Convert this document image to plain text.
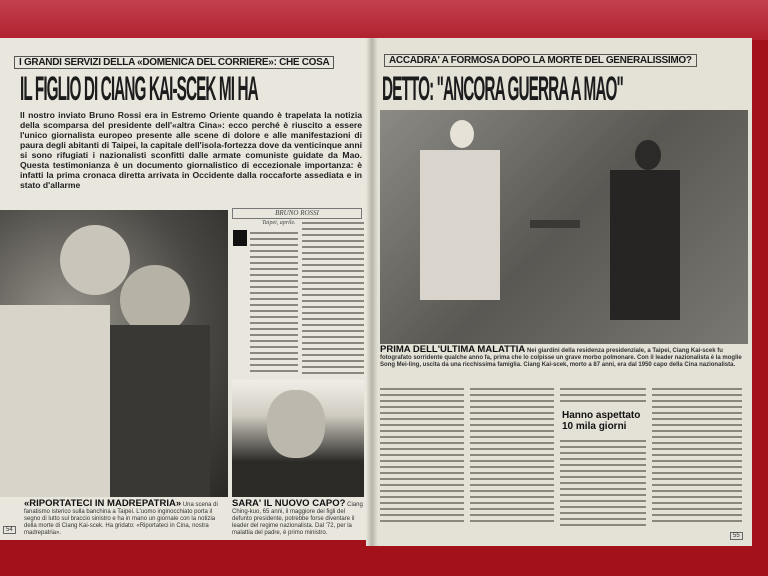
I GRANDI SERVIZI DELLA «DOMENICA DEL CORRIERE»: CHE COSA
IL FIGLIO DI CIANG KAI-SCEK MI HA
Il nostro inviato Bruno Rossi era in Estremo Oriente quando è trapelata la notizia della scomparsa del presidente dell'«altra Cina»: ecco perché è riuscito a essere l'unico giornalista europeo presente alle scene di dolore e alle manifestazioni di paura degli abitanti di Taipei, la capitale dell'isola-fortezza dove da venticinque anni si sono rifugiati i nazionalisti sconfitti dalle armate comuniste guidate da Mao. Questa testimonianza è un documento giornalistico di eccezionale importanza: è infatti la prima cronaca diretta arrivata in Occidente dalla roccaforte assediata e in stato d'allarme
BRUNO ROSSI
Taipei, aprile.
«RIPORTATECI IN MADREPATRIA» Una scena di fanatismo isterico sulla banchina a Taipei. L'uomo inginocchiato porta il segno di lutto sul braccio sinistro e ha in mano un giornale con la notizia della morte di Ciang Kai-scek. Ha gridato: «Riportateci in Cina, nostra madrepatria».
SARA' IL NUOVO CAPO? Ciang Ching-kuo, 65 anni, il maggiore dei figli del defunto presidente, potrebbe forse diventare il leader del regime nazionalista. Dal '72, per la malattia del padre, è primo ministro.
54
ACCADRA' A FORMOSA DOPO LA MORTE DEL GENERALISSIMO?
DETTO: "ANCORA GUERRA A MAO"
PRIMA DELL'ULTIMA MALATTIA Nei giardini della residenza presidenziale, a Taipei, Ciang Kai-scek fu fotografato sorridente qualche anno fa, prima che lo colpisse un grave morbo polmonare. Con il leader nazionalista è la moglie Song Mei-ling, uscita da una ricchissima famiglia. Ciang Kai-scek, morto a 87 anni, era dal 1950 capo della Cina nazionalista.
Hanno aspettato 10 mila giorni
55
